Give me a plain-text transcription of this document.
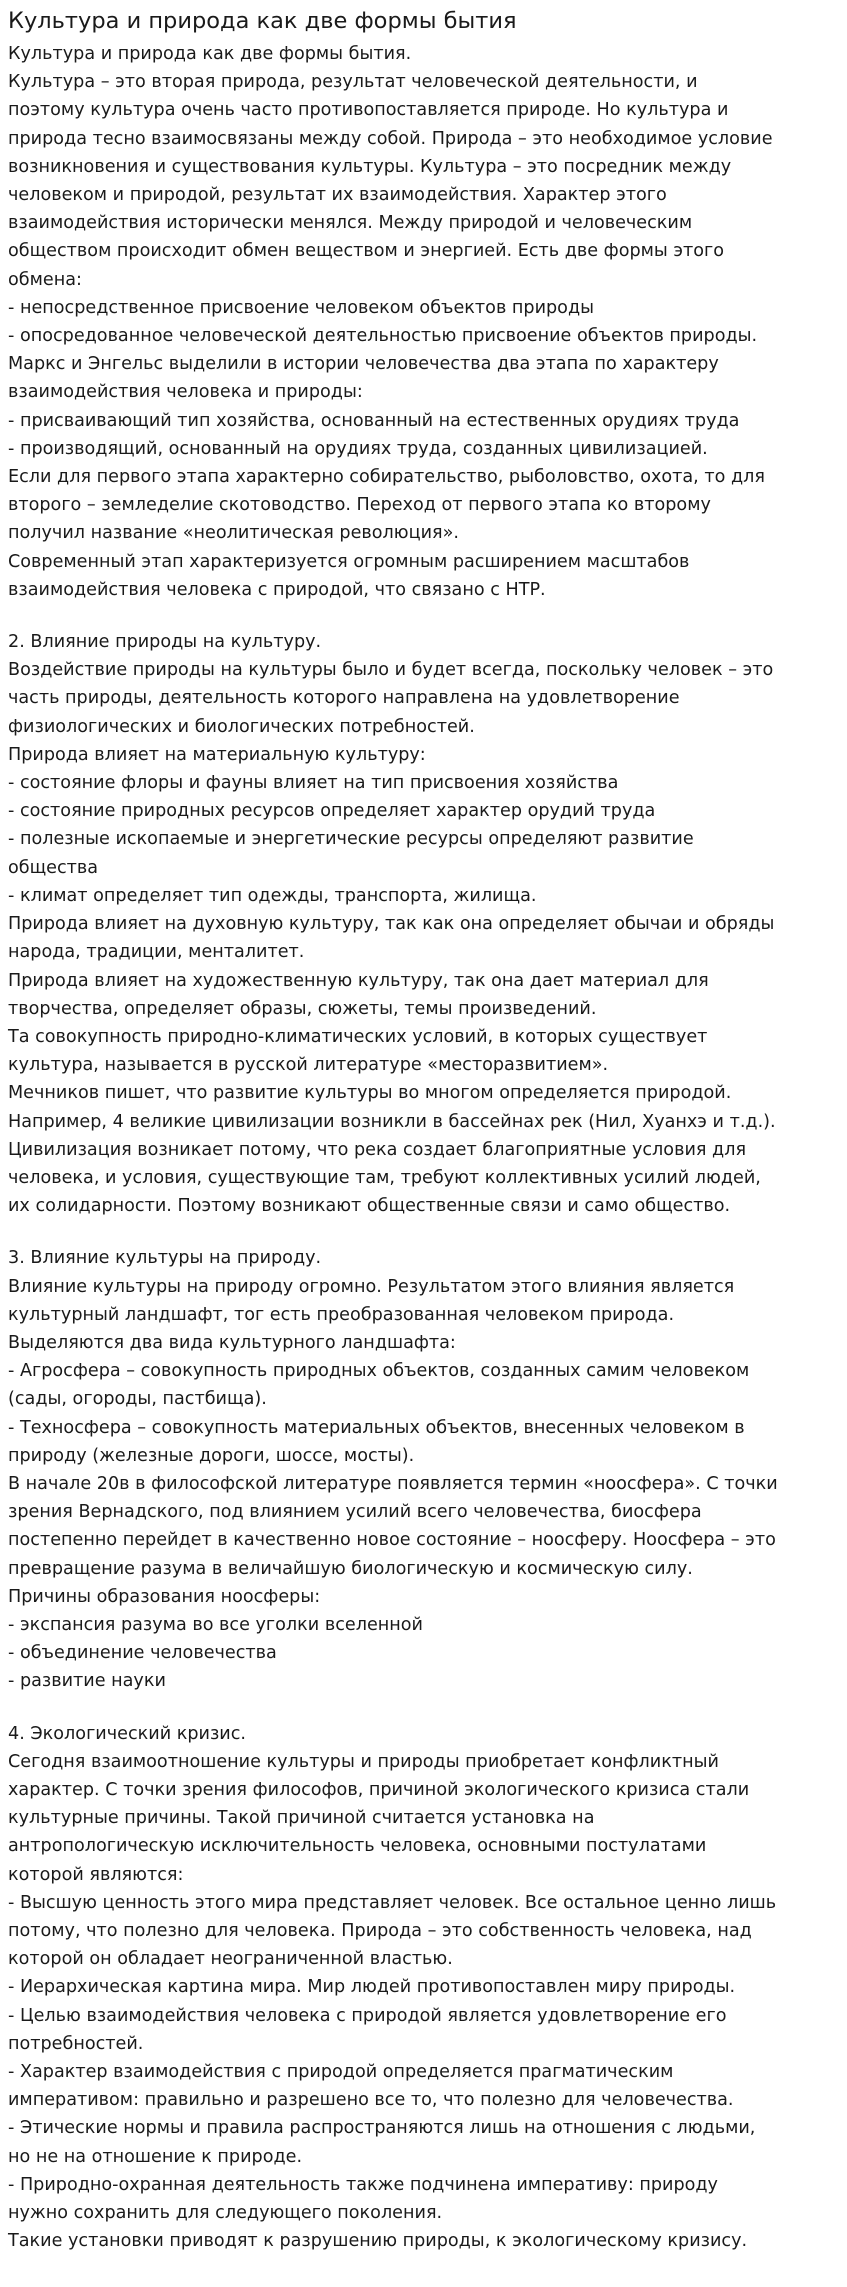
Культура и природа как две формы бытия
Культура и природа как две формы бытия.
Культура – это вторая природа, результат человеческой деятельности, и
поэтому культура очень часто противопоставляется природе. Но культура и
природа тесно взаимосвязаны между собой. Природа – это необходимое условие
возникновения и существования культуры. Культура – это посредник между
человеком и природой, результат их взаимодействия. Характер этого
взаимодействия исторически менялся. Между природой и человеческим
обществом происходит обмен веществом и энергией. Есть две формы этого
обмена:
- непосредственное присвоение человеком объектов природы
- опосредованное человеческой деятельностью присвоение объектов природы.
Маркс и Энгельс выделили в истории человечества два этапа по характеру
взаимодействия человека и природы:
- присваивающий тип хозяйства, основанный на естественных орудиях труда
- производящий, основанный на орудиях труда, созданных цивилизацией.
Если для первого этапа характерно собирательство, рыболовство, охота, то для
второго – земледелие скотоводство. Переход от первого этапа ко второму
получил название «неолитическая революция».
Современный этап характеризуется огромным расширением масштабов
взаимодействия человека с природой, что связано с НТР.
2. Влияние природы на культуру.
Воздействие природы на культуры было и будет всегда, поскольку человек – это
часть природы, деятельность которого направлена на удовлетворение
физиологических и биологических потребностей.
Природа влияет на материальную культуру:
- состояние флоры и фауны влияет на тип присвоения хозяйства
- состояние природных ресурсов определяет характер орудий труда
- полезные ископаемые и энергетические ресурсы определяют развитие
общества
- климат определяет тип одежды, транспорта, жилища.
Природа влияет на духовную культуру, так как она определяет обычаи и обряды
народа, традиции, менталитет.
Природа влияет на художественную культуру, так она дает материал для
творчества, определяет образы, сюжеты, темы произведений.
Та совокупность природно-климатических условий, в которых существует
культура, называется в русской литературе «месторазвитием».
Мечников пишет, что развитие культуры во многом определяется природой.
Например, 4 великие цивилизации возникли в бассейнах рек (Нил, Хуанхэ и т.д.).
Цивилизация возникает потому, что река создает благоприятные условия для
человека, и условия, существующие там, требуют коллективных усилий людей,
их солидарности. Поэтому возникают общественные связи и само общество.
3. Влияние культуры на природу.
Влияние культуры на природу огромно. Результатом этого влияния является
культурный ландшафт, тог есть преобразованная человеком природа.
Выделяются два вида культурного ландшафта:
- Агросфера – совокупность природных объектов, созданных самим человеком
(сады, огороды, пастбища).
- Техносфера – совокупность материальных объектов, внесенных человеком в
природу (железные дороги, шоссе, мосты).
В начале 20в в философской литературе появляется термин «ноосфера». С точки
зрения Вернадского, под влиянием усилий всего человечества, биосфера
постепенно перейдет в качественно новое состояние – ноосферу. Ноосфера – это
превращение разума в величайшую биологическую и космическую силу.
Причины образования ноосферы:
- экспансия разума во все уголки вселенной
- объединение человечества
- развитие науки
4. Экологический кризис.
Сегодня взаимоотношение культуры и природы приобретает конфликтный
характер. С точки зрения философов, причиной экологического кризиса стали
культурные причины. Такой причиной считается установка на
антропологическую исключительность человека, основными постулатами
которой являются:
- Высшую ценность этого мира представляет человек. Все остальное ценно лишь
потому, что полезно для человека. Природа – это собственность человека, над
которой он обладает неограниченной властью.
- Иерархическая картина мира. Мир людей противопоставлен миру природы.
- Целью взаимодействия человека с природой является удовлетворение его
потребностей.
- Характер взаимодействия с природой определяется прагматическим
императивом: правильно и разрешено все то, что полезно для человечества.
- Этические нормы и правила распространяются лишь на отношения с людьми,
но не на отношение к природе.
- Природно-охранная деятельность также подчинена императиву: природу
нужно сохранить для следующего поколения.
Такие установки приводят к разрушению природы, к экологическому кризису.
